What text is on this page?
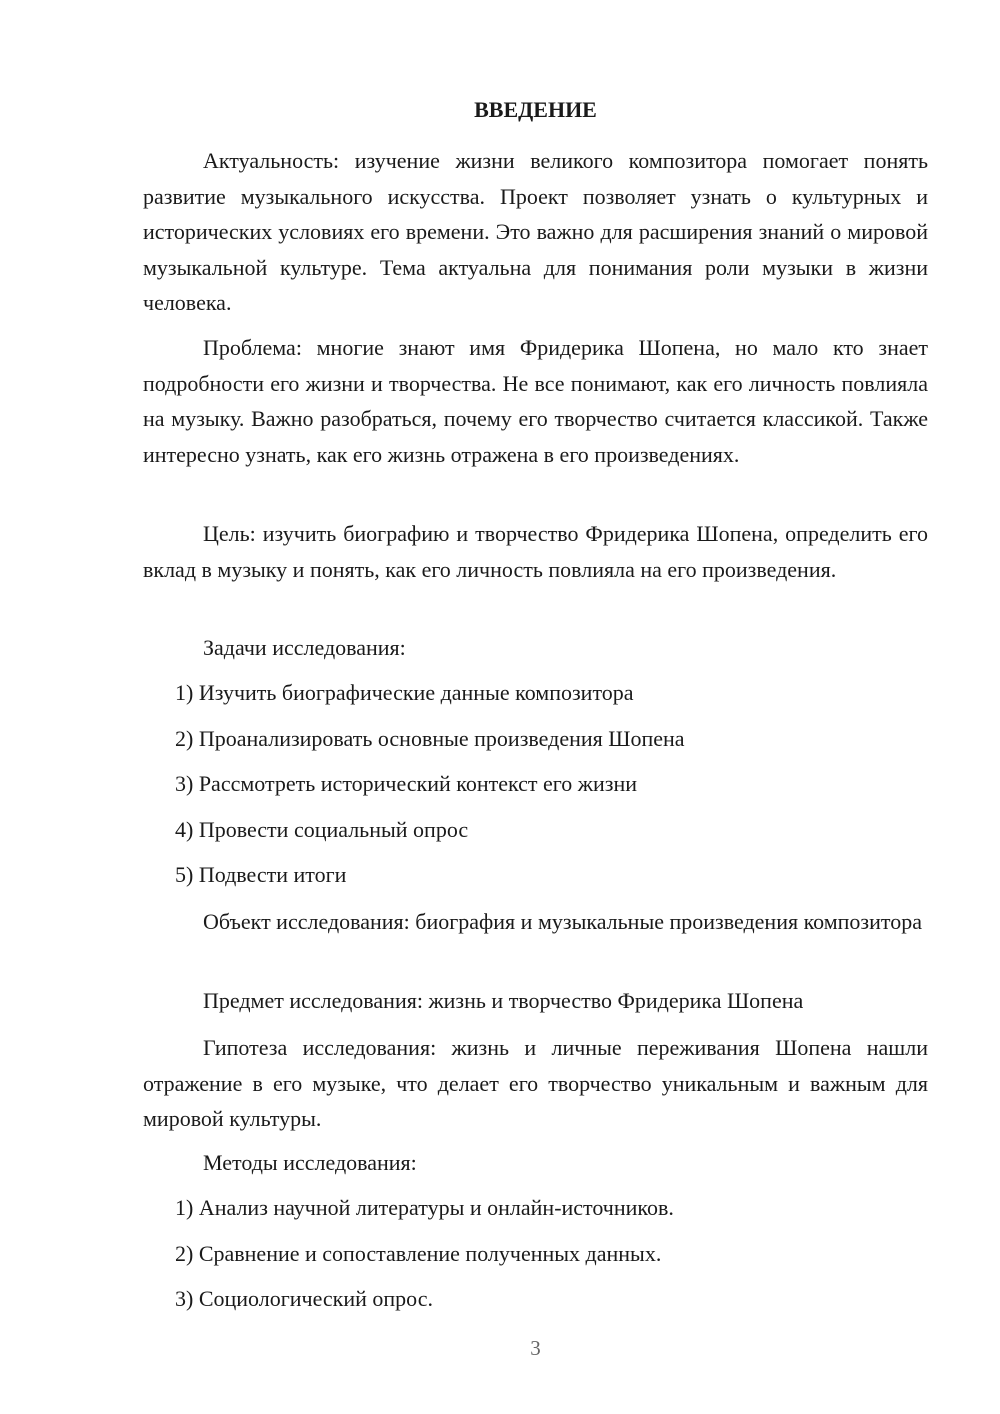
ВВЕДЕНИЕ

Актуальность: изучение жизни великого композитора помогает понять развитие музыкального искусства. Проект позволяет узнать о культурных и исторических условиях его времени. Это важно для расширения знаний о мировой музыкальной культуре. Тема актуальна для понимания роли музыки в жизни человека.

Проблема: многие знают имя Фридерика Шопена, но мало кто знает подробности его жизни и творчества. Не все понимают, как его личность повлияла на музыку. Важно разобраться, почему его творчество считается классикой. Также интересно узнать, как его жизнь отражена в его произведениях.

Цель: изучить биографию и творчество Фридерика Шопена, определить его вклад в музыку и понять, как его личность повлияла на его произведения.

Задачи исследования:

1) Изучить биографические данные композитора

2) Проанализировать основные произведения Шопена

3) Рассмотреть исторический контекст его жизни

4) Провести социальный опрос

5) Подвести итоги

Объект исследования: биография и музыкальные произведения композитора

Предмет исследования: жизнь и творчество Фридерика Шопена

Гипотеза исследования: жизнь и личные переживания Шопена нашли отражение в его музыке, что делает его творчество уникальным и важным для мировой культуры.

Методы исследования:

1) Анализ научной литературы и онлайн-источников.

2) Сравнение и сопоставление полученных данных.

3) Социологический опрос.

3
